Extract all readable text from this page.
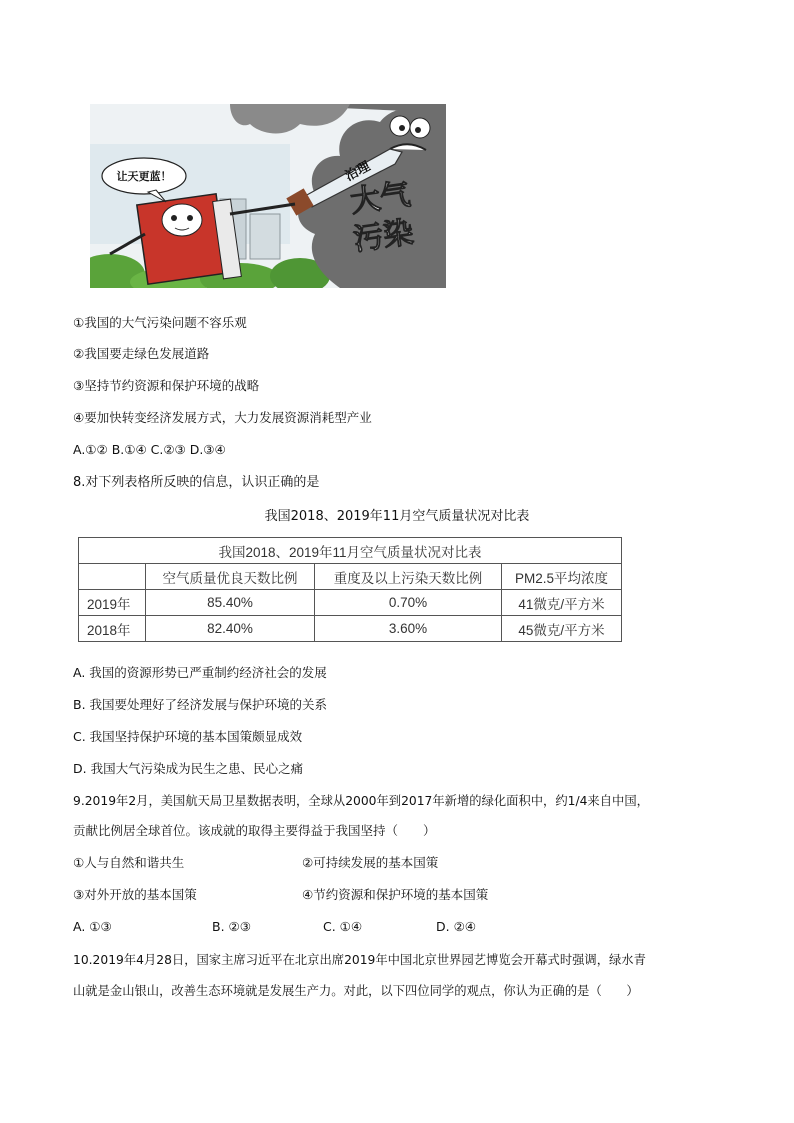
大气
污染
治理
让天更蓝！
①我国的大气污染问题不容乐观
②我国要走绿色发展道路
③坚持节约资源和保护环境的战略
④要加快转变经济发展方式，大力发展资源消耗型产业
A.①② B.①④ C.②③ D.③④
8.对下列表格所反映的信息，认识正确的是
我国2018、2019年11月空气质量状况对比表
我国2018、2019年11月空气质量状况对比表			
	空气质量优良天数比例	重度及以上污染天数比例	PM2.5平均浓度
2019年	85.40%	0.70%	41微克/平方米
2018年	82.40%	3.60%	45微克/平方米
A. 我国的资源形势已严重制约经济社会的发展
B. 我国要处理好了经济发展与保护环境的关系
C. 我国坚持保护环境的基本国策颇显成效
D. 我国大气污染成为民生之患、民心之痛
9.2019年2月，美国航天局卫星数据表明，全球从2000年到2017年新增的绿化面积中，约1/4来自中国，
贡献比例居全球首位。该成就的取得主要得益于我国坚持（　　）
①人与自然和谐共生	②可持续发展的基本国策
③对外开放的基本国策	④节约资源和保护环境的基本国策
A. ①③	B. ②③	C. ①④	D. ②④
10.2019年4月28日，国家主席习近平在北京出席2019年中国北京世界园艺博览会开幕式时强调，绿水青
山就是金山银山，改善生态环境就是发展生产力。对此，以下四位同学的观点，你认为正确的是（　　）
